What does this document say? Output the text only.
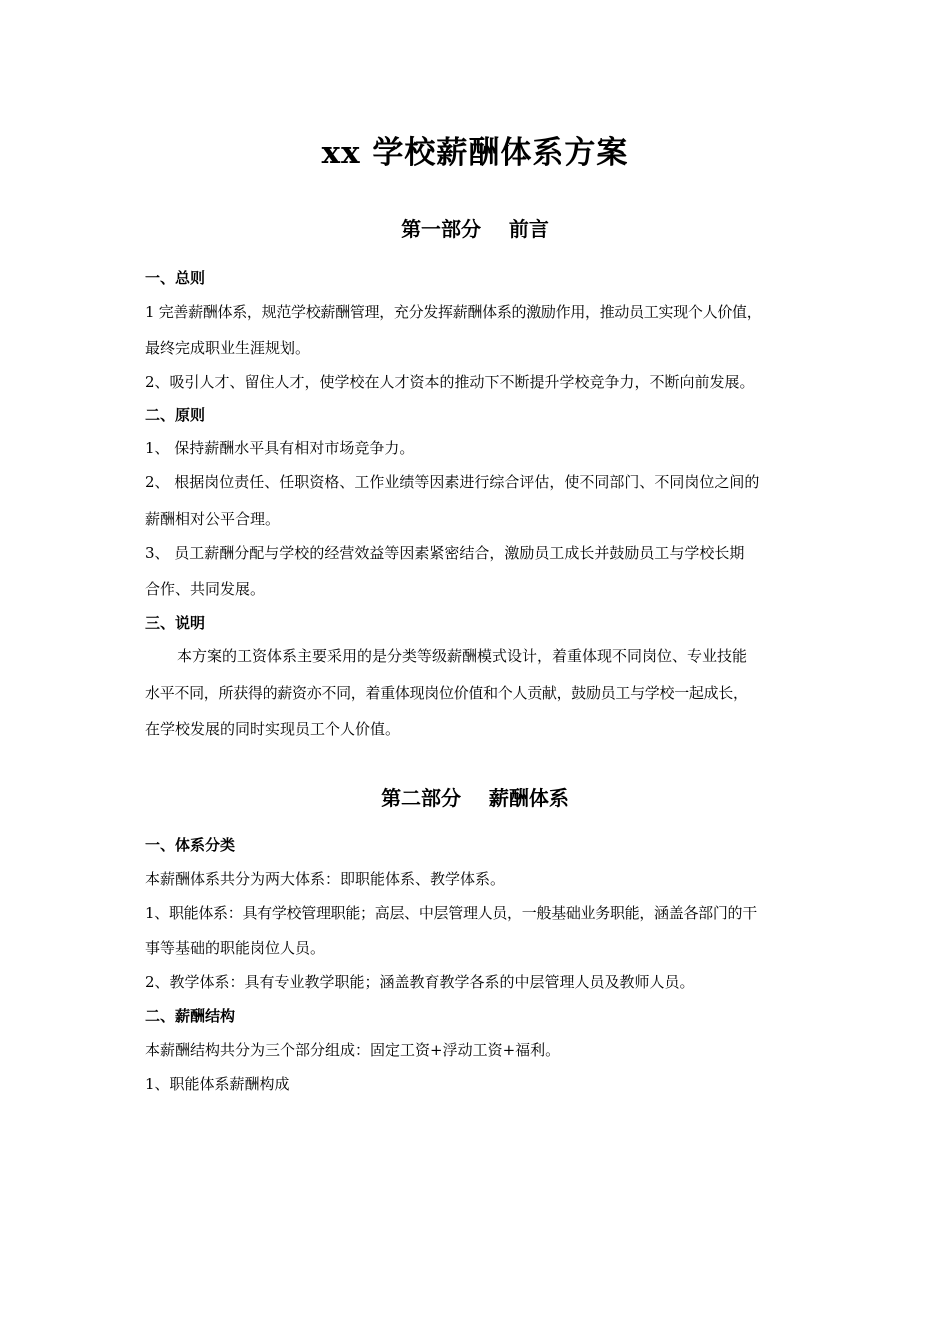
xx 学校薪酬体系方案
第一部分    前言
一、总则
1 完善薪酬体系，规范学校薪酬管理，充分发挥薪酬体系的激励作用，推动员工实现个人价值，
最终完成职业生涯规划。
2、吸引人才、留住人才，使学校在人才资本的推动下不断提升学校竞争力，不断向前发展。
二、原则
1、 保持薪酬水平具有相对市场竞争力。
2、 根据岗位责任、任职资格、工作业绩等因素进行综合评估，使不同部门、不同岗位之间的
薪酬相对公平合理。
3、 员工薪酬分配与学校的经营效益等因素紧密结合，激励员工成长并鼓励员工与学校长期
合作、共同发展。
三、说明
本方案的工资体系主要采用的是分类等级薪酬模式设计，着重体现不同岗位、专业技能
水平不同，所获得的薪资亦不同，着重体现岗位价值和个人贡献，鼓励员工与学校一起成长，
在学校发展的同时实现员工个人价值。
第二部分    薪酬体系
一、体系分类
本薪酬体系共分为两大体系：即职能体系、教学体系。
1、职能体系：具有学校管理职能；高层、中层管理人员，一般基础业务职能，涵盖各部门的干
事等基础的职能岗位人员。
2、教学体系：具有专业教学职能；涵盖教育教学各系的中层管理人员及教师人员。
二、薪酬结构
本薪酬结构共分为三个部分组成：固定工资+浮动工资+福利。
1、职能体系薪酬构成
